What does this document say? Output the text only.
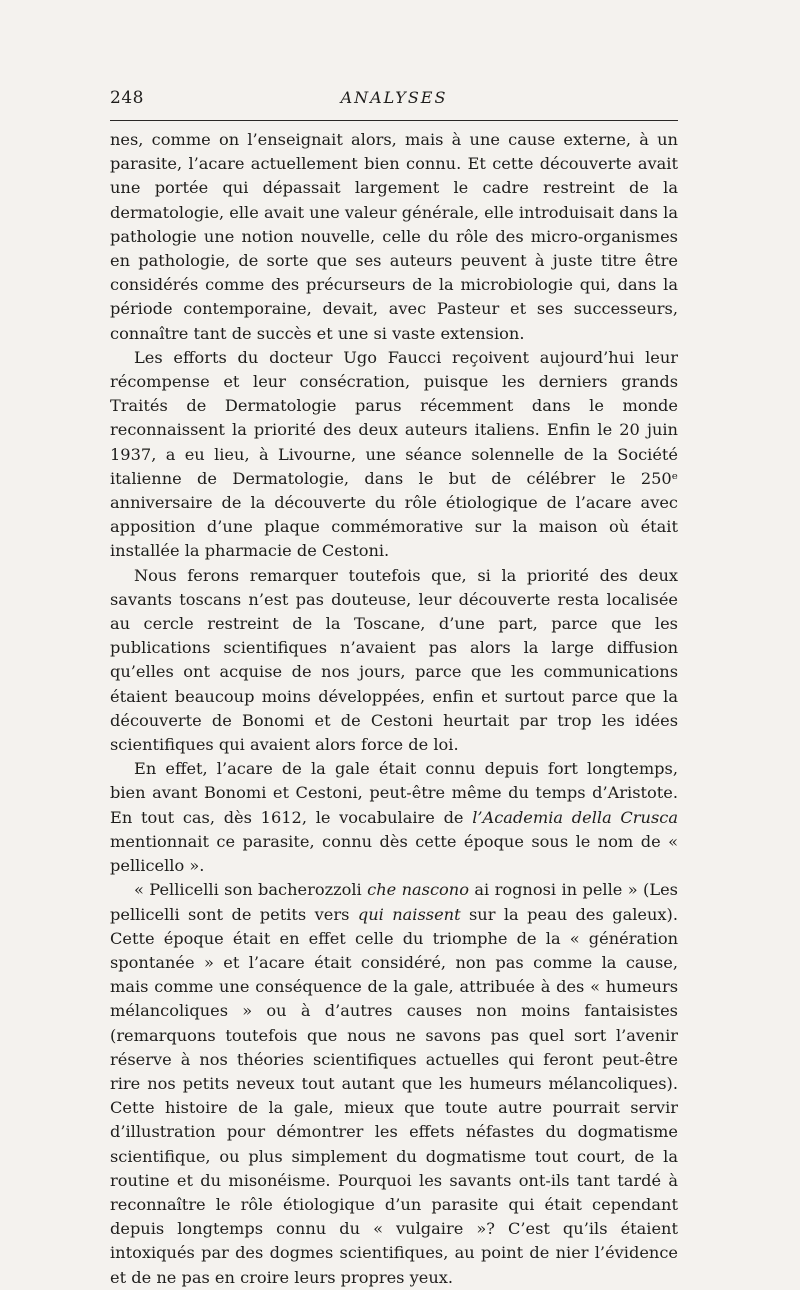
248	ANALYSES

nes, comme on l’enseignait alors, mais à une cause externe, à un parasite, l’acare actuellement bien connu. Et cette découverte avait une portée qui dépassait largement le cadre restreint de la dermatologie, elle avait une valeur générale, elle introduisait dans la pathologie une notion nouvelle, celle du rôle des micro-organismes en pathologie, de sorte que ses auteurs peuvent à juste titre être considérés comme des précurseurs de la microbiologie qui, dans la période contemporaine, devait, avec Pasteur et ses successeurs, connaître tant de succès et une si vaste extension.

Les efforts du docteur Ugo Faucci reçoivent aujourd’hui leur récompense et leur consécration, puisque les derniers grands Traités de Dermatologie parus récemment dans le monde reconnaissent la priorité des deux auteurs italiens. Enfin le 20 juin 1937, a eu lieu, à Livourne, une séance solennelle de la Société italienne de Dermatologie, dans le but de célébrer le 250ᵉ anniversaire de la découverte du rôle étiologique de l’acare avec apposition d’une plaque commémorative sur la maison où était installée la pharmacie de Cestoni.

Nous ferons remarquer toutefois que, si la priorité des deux savants toscans n’est pas douteuse, leur découverte resta localisée au cercle restreint de la Toscane, d’une part, parce que les publications scientifiques n’avaient pas alors la large diffusion qu’elles ont acquise de nos jours, parce que les communications étaient beaucoup moins développées, enfin et surtout parce que la découverte de Bonomi et de Cestoni heurtait par trop les idées scientifiques qui avaient alors force de loi.

En effet, l’acare de la gale était connu depuis fort longtemps, bien avant Bonomi et Cestoni, peut-être même du temps d’Aristote. En tout cas, dès 1612, le vocabulaire de l’Academia della Crusca mentionnait ce parasite, connu dès cette époque sous le nom de « pellicello ».

« Pellicelli son bacherozzoli che nascono ai rognosi in pelle » (Les pellicelli sont de petits vers qui naissent sur la peau des galeux). Cette époque était en effet celle du triomphe de la « génération spontanée » et l’acare était considéré, non pas comme la cause, mais comme une conséquence de la gale, attribuée à des « humeurs mélancoliques » ou à d’autres causes non moins fantaisistes (remarquons toutefois que nous ne savons pas quel sort l’avenir réserve à nos théories scientifiques actuelles qui feront peut-être rire nos petits neveux tout autant que les humeurs mélancoliques). Cette histoire de la gale, mieux que toute autre pourrait servir d’illustration pour démontrer les effets néfastes du dogmatisme scientifique, ou plus simplement du dogmatisme tout court, de la routine et du misonéisme. Pourquoi les savants ont-ils tant tardé à reconnaître le rôle étiologique d’un parasite qui était cependant depuis longtemps connu du « vulgaire »? C’est qu’ils étaient intoxiqués par des dogmes scientifiques, au point de nier l’évidence et de ne pas en croire leurs propres yeux.
